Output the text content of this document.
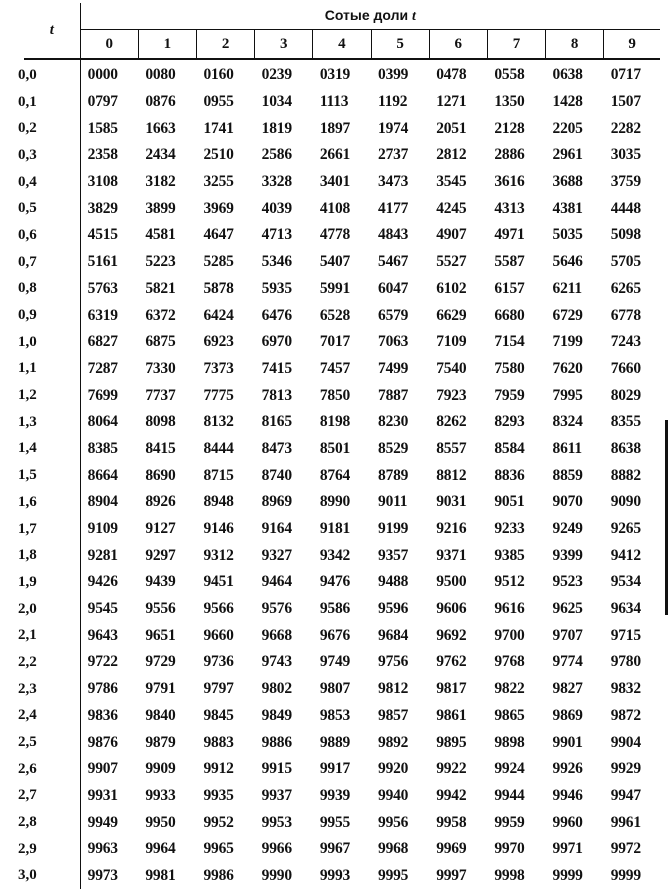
t	Сотые доли t									
	0	1	2	3	4	5	6	7	8	9
0,0	0000	0080	0160	0239	0319	0399	0478	0558	0638	0717
0,1	0797	0876	0955	1034	1113	1192	1271	1350	1428	1507
0,2	1585	1663	1741	1819	1897	1974	2051	2128	2205	2282
0,3	2358	2434	2510	2586	2661	2737	2812	2886	2961	3035
0,4	3108	3182	3255	3328	3401	3473	3545	3616	3688	3759
0,5	3829	3899	3969	4039	4108	4177	4245	4313	4381	4448
0,6	4515	4581	4647	4713	4778	4843	4907	4971	5035	5098
0,7	5161	5223	5285	5346	5407	5467	5527	5587	5646	5705
0,8	5763	5821	5878	5935	5991	6047	6102	6157	6211	6265
0,9	6319	6372	6424	6476	6528	6579	6629	6680	6729	6778
1,0	6827	6875	6923	6970	7017	7063	7109	7154	7199	7243
1,1	7287	7330	7373	7415	7457	7499	7540	7580	7620	7660
1,2	7699	7737	7775	7813	7850	7887	7923	7959	7995	8029
1,3	8064	8098	8132	8165	8198	8230	8262	8293	8324	8355
1,4	8385	8415	8444	8473	8501	8529	8557	8584	8611	8638
1,5	8664	8690	8715	8740	8764	8789	8812	8836	8859	8882
1,6	8904	8926	8948	8969	8990	9011	9031	9051	9070	9090
1,7	9109	9127	9146	9164	9181	9199	9216	9233	9249	9265
1,8	9281	9297	9312	9327	9342	9357	9371	9385	9399	9412
1,9	9426	9439	9451	9464	9476	9488	9500	9512	9523	9534
2,0	9545	9556	9566	9576	9586	9596	9606	9616	9625	9634
2,1	9643	9651	9660	9668	9676	9684	9692	9700	9707	9715
2,2	9722	9729	9736	9743	9749	9756	9762	9768	9774	9780
2,3	9786	9791	9797	9802	9807	9812	9817	9822	9827	9832
2,4	9836	9840	9845	9849	9853	9857	9861	9865	9869	9872
2,5	9876	9879	9883	9886	9889	9892	9895	9898	9901	9904
2,6	9907	9909	9912	9915	9917	9920	9922	9924	9926	9929
2,7	9931	9933	9935	9937	9939	9940	9942	9944	9946	9947
2,8	9949	9950	9952	9953	9955	9956	9958	9959	9960	9961
2,9	9963	9964	9965	9966	9967	9968	9969	9970	9971	9972
3,0	9973	9981	9986	9990	9993	9995	9997	9998	9999	9999
